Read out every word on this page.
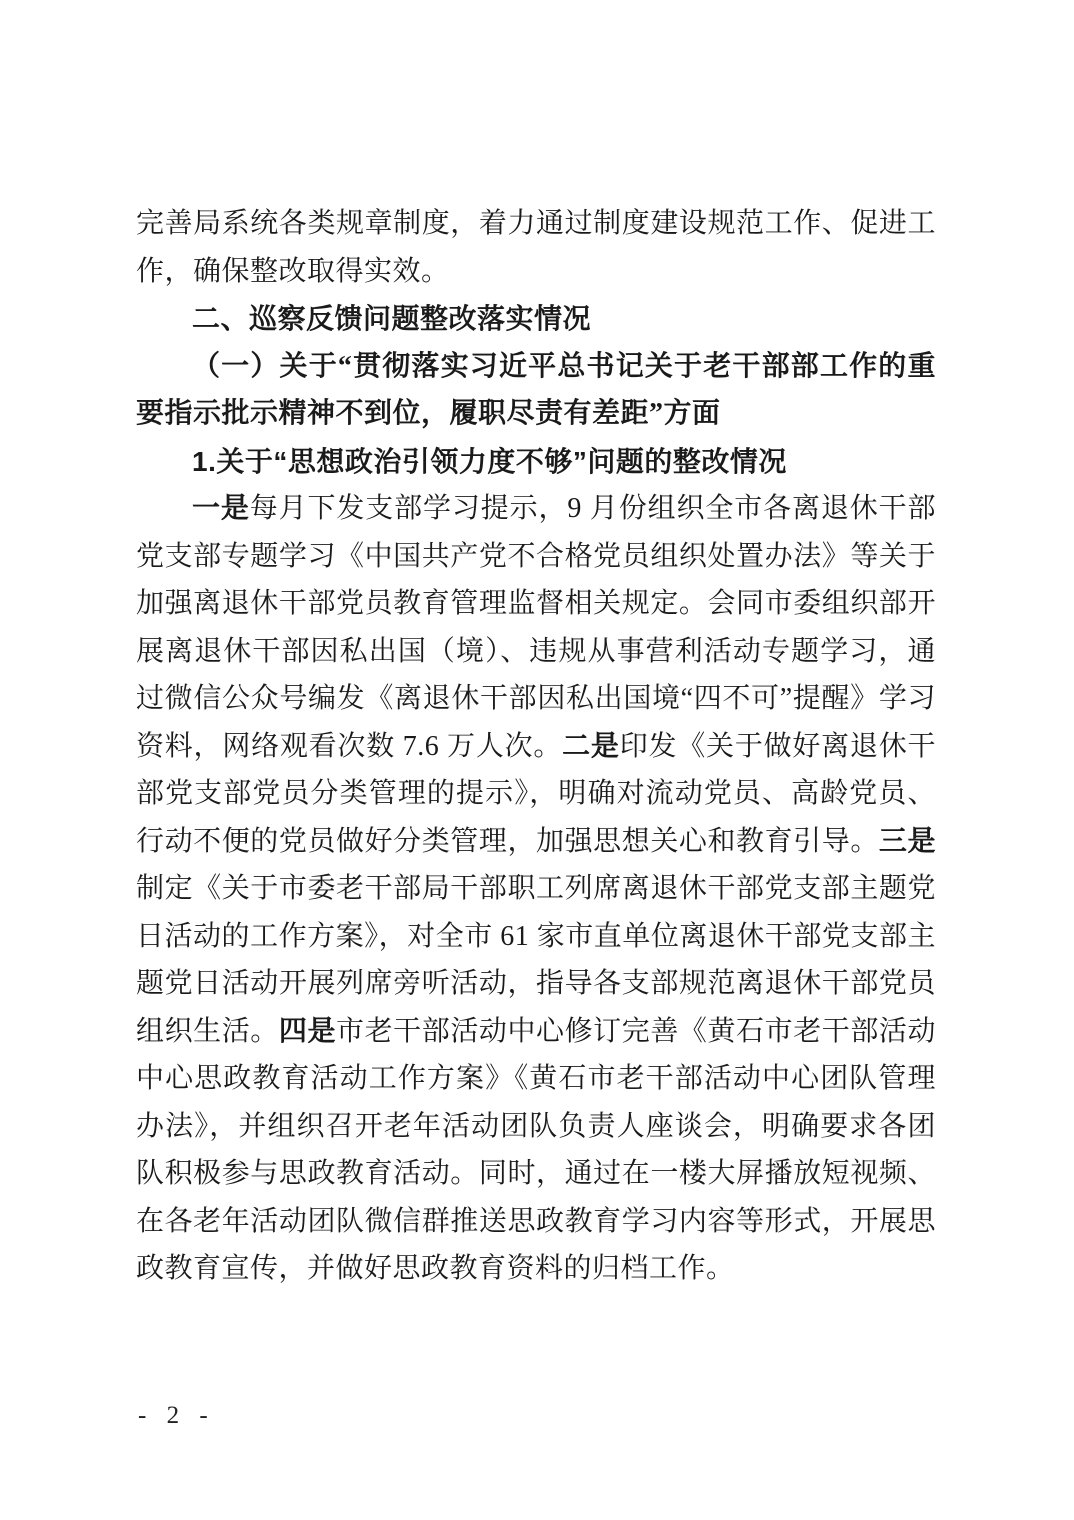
完善局系统各类规章制度，着力通过制度建设规范工作、促进工作，确保整改取得实效。

二、巡察反馈问题整改落实情况

（一）关于“贯彻落实习近平总书记关于老干部部工作的重要指示批示精神不到位，履职尽责有差距”方面

1.关于“思想政治引领力度不够”问题的整改情况

一是每月下发支部学习提示，9 月份组织全市各离退休干部党支部专题学习《中国共产党不合格党员组织处置办法》等关于加强离退休干部党员教育管理监督相关规定。会同市委组织部开展离退休干部因私出国（境）、违规从事营利活动专题学习，通过微信公众号编发《离退休干部因私出国境“四不可”提醒》学习资料，网络观看次数 7.6 万人次。二是印发《关于做好离退休干部党支部党员分类管理的提示》，明确对流动党员、高龄党员、行动不便的党员做好分类管理，加强思想关心和教育引导。三是制定《关于市委老干部局干部职工列席离退休干部党支部主题党日活动的工作方案》，对全市 61 家市直单位离退休干部党支部主题党日活动开展列席旁听活动，指导各支部规范离退休干部党员组织生活。四是市老干部活动中心修订完善《黄石市老干部活动中心思政教育活动工作方案》《黄石市老干部活动中心团队管理办法》，并组织召开老年活动团队负责人座谈会，明确要求各团队积极参与思政教育活动。同时，通过在一楼大屏播放短视频、在各老年活动团队微信群推送思政教育学习内容等形式，开展思政教育宣传，并做好思政教育资料的归档工作。

- 2 -
